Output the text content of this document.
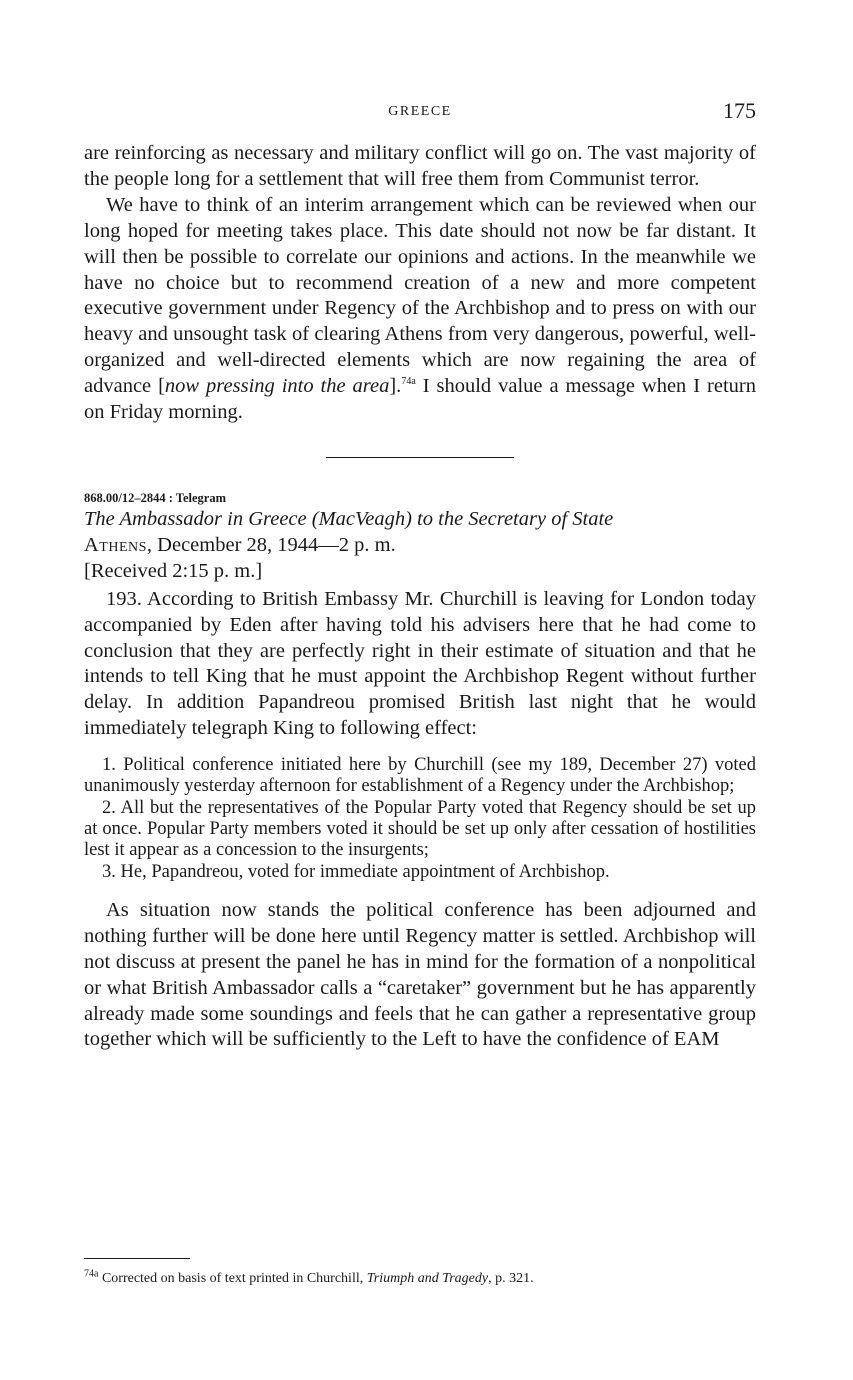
GREECE	175

are reinforcing as necessary and military conflict will go on. The vast majority of the people long for a settlement that will free them from Communist terror.

We have to think of an interim arrangement which can be reviewed when our long hoped for meeting takes place. This date should not now be far distant. It will then be possible to correlate our opinions and actions. In the meanwhile we have no choice but to recommend creation of a new and more competent executive government under Regency of the Archbishop and to press on with our heavy and unsought task of clearing Athens from very dangerous, powerful, well-organized and well-directed elements which are now regaining the area of advance [now pressing into the area].$^{74a}$ I should value a message when I return on Friday morning.

868.00/12–2844 : Telegram

The Ambassador in Greece (MacVeagh) to the Secretary of State

Athens, December 28, 1944—2 p. m.

[Received 2:15 p. m.]

193. According to British Embassy Mr. Churchill is leaving for London today accompanied by Eden after having told his advisers here that he had come to conclusion that they are perfectly right in their estimate of situation and that he intends to tell King that he must appoint the Archbishop Regent without further delay. In addition Papandreou promised British last night that he would immediately telegraph King to following effect:

1. Political conference initiated here by Churchill (see my 189, December 27) voted unanimously yesterday afternoon for establishment of a Regency under the Archbishop;

2. All but the representatives of the Popular Party voted that Regency should be set up at once. Popular Party members voted it should be set up only after cessation of hostilities lest it appear as a concession to the insurgents;

3. He, Papandreou, voted for immediate appointment of Archbishop.

As situation now stands the political conference has been adjourned and nothing further will be done here until Regency matter is settled. Archbishop will not discuss at present the panel he has in mind for the formation of a nonpolitical or what British Ambassador calls a “caretaker” government but he has apparently already made some soundings and feels that he can gather a representative group together which will be sufficiently to the Left to have the confidence of EAM

$^{74a}$ Corrected on basis of text printed in Churchill, Triumph and Tragedy, p. 321.
